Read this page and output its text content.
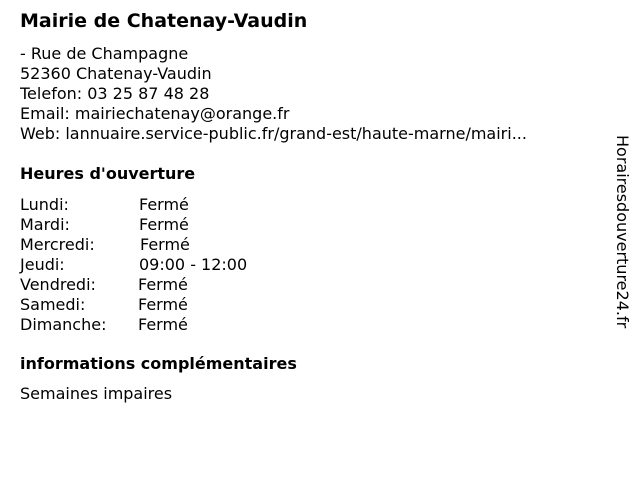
Mairie de Chatenay-Vaudin
- Rue de Champagne
52360 Chatenay-Vaudin
Telefon: 03 25 87 48 28
Email: mairiechatenay@orange.fr
Web: lannuaire.service-public.fr/grand-est/haute-marne/mairi...
Heures d'ouverture
Lundi:	Fermé
Mardi:	Fermé
Mercredi:	Fermé
Jeudi:	09:00 - 12:00
Vendredi:	Fermé
Samedi:	Fermé
Dimanche: Fermé
informations complémentaires
Semaines impaires
Horairesdouverture24.fr
